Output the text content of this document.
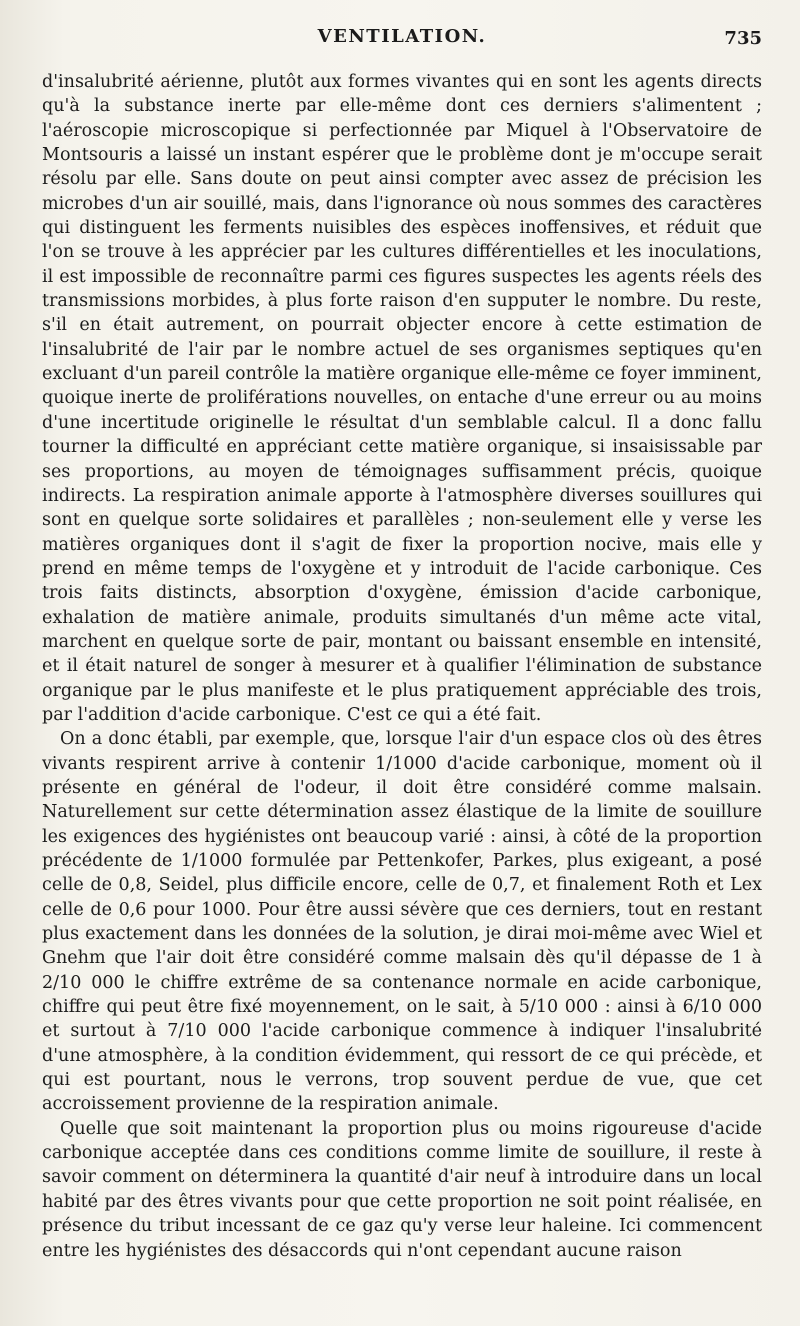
VENTILATION.	735

d'insalubrité aérienne, plutôt aux formes vivantes qui en sont les agents directs qu'à la substance inerte par elle-même dont ces derniers s'alimentent ; l'aéroscopie microscopique si perfectionnée par Miquel à l'Observatoire de Montsouris a laissé un instant espérer que le problème dont je m'occupe serait résolu par elle. Sans doute on peut ainsi compter avec assez de précision les microbes d'un air souillé, mais, dans l'ignorance où nous sommes des caractères qui distinguent les ferments nuisibles des espèces inoffensives, et réduit que l'on se trouve à les apprécier par les cultures différentielles et les inoculations, il est impossible de reconnaître parmi ces figures suspectes les agents réels des transmissions morbides, à plus forte raison d'en supputer le nombre. Du reste, s'il en était autrement, on pourrait objecter encore à cette estimation de l'insalubrité de l'air par le nombre actuel de ses organismes septiques qu'en excluant d'un pareil contrôle la matière organique elle-même ce foyer imminent, quoique inerte de proliférations nouvelles, on entache d'une erreur ou au moins d'une incertitude originelle le résultat d'un semblable calcul. Il a donc fallu tourner la difficulté en appréciant cette matière organique, si insaisissable par ses proportions, au moyen de témoignages suffisamment précis, quoique indirects. La respiration animale apporte à l'atmosphère diverses souillures qui sont en quelque sorte solidaires et parallèles ; non-seulement elle y verse les matières organiques dont il s'agit de fixer la proportion nocive, mais elle y prend en même temps de l'oxygène et y introduit de l'acide carbonique. Ces trois faits distincts, absorption d'oxygène, émission d'acide carbonique, exhalation de matière animale, produits simultanés d'un même acte vital, marchent en quelque sorte de pair, montant ou baissant ensemble en intensité, et il était naturel de songer à mesurer et à qualifier l'élimination de substance organique par le plus manifeste et le plus pratiquement appréciable des trois, par l'addition d'acide carbonique. C'est ce qui a été fait.

On a donc établi, par exemple, que, lorsque l'air d'un espace clos où des êtres vivants respirent arrive à contenir 1/1000 d'acide carbonique, moment où il présente en général de l'odeur, il doit être considéré comme malsain. Naturellement sur cette détermination assez élastique de la limite de souillure les exigences des hygiénistes ont beaucoup varié : ainsi, à côté de la proportion précédente de 1/1000 formulée par Pettenkofer, Parkes, plus exigeant, a posé celle de 0,8, Seidel, plus difficile encore, celle de 0,7, et finalement Roth et Lex celle de 0,6 pour 1000. Pour être aussi sévère que ces derniers, tout en restant plus exactement dans les données de la solution, je dirai moi-même avec Wiel et Gnehm que l'air doit être considéré comme malsain dès qu'il dépasse de 1 à 2/10 000 le chiffre extrême de sa contenance normale en acide carbonique, chiffre qui peut être fixé moyennement, on le sait, à 5/10 000 : ainsi à 6/10 000 et surtout à 7/10 000 l'acide carbonique commence à indiquer l'insalubrité d'une atmosphère, à la condition évidemment, qui ressort de ce qui précède, et qui est pourtant, nous le verrons, trop souvent perdue de vue, que cet accroissement provienne de la respiration animale.

Quelle que soit maintenant la proportion plus ou moins rigoureuse d'acide carbonique acceptée dans ces conditions comme limite de souillure, il reste à savoir comment on déterminera la quantité d'air neuf à introduire dans un local habité par des êtres vivants pour que cette proportion ne soit point réalisée, en présence du tribut incessant de ce gaz qu'y verse leur haleine. Ici commencent entre les hygiénistes des désaccords qui n'ont cependant aucune raison
